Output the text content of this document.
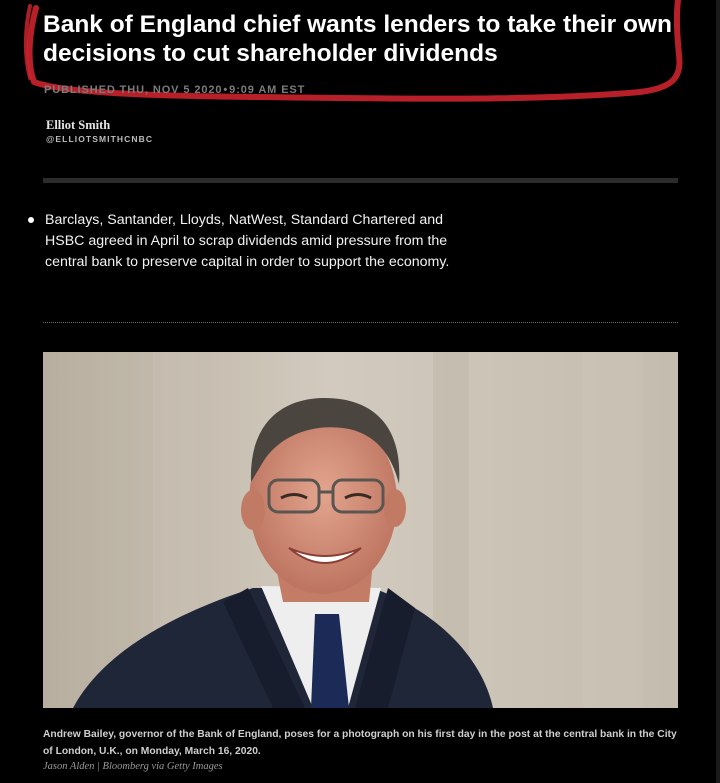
Bank of England chief wants lenders to take their own decisions to cut shareholder dividends
PUBLISHED THU, NOV 5 2020•9:09 AM EST
Elliot Smith
@ELLIOTSMITHCNBC
Barclays, Santander, Lloyds, NatWest, Standard Chartered and HSBC agreed in April to scrap dividends amid pressure from the central bank to preserve capital in order to support the economy.

Andrew Bailey, governor of the Bank of England, poses for a photograph on his first day in the post at the central bank in the City of London, U.K., on Monday, March 16, 2020.

Jason Alden | Bloomberg via Getty Images
